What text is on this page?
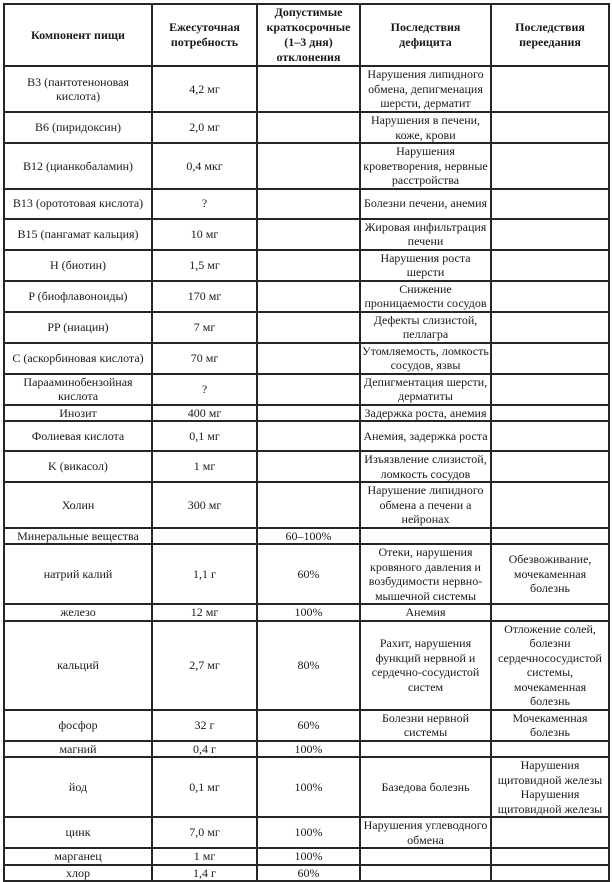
Компонент пищи	Ежесуточная потребность	Допустимые краткосрочные (1–3 дня) отклонения	Последствия дефицита	Последствия переедания
B3 (пантотеноновая кислота)	4,2 мг		Нарушения липидного обмена, депигменация шерсти, дерматит	
B6 (пиридоксин)	2,0 мг		Нарушения в печени, коже, крови	
B12 (цианкобаламин)	0,4 мкг		Нарушения кроветворения, нервные расстройства	
B13 (орототовая кислота)	?		Болезни печени, анемия	
B15 (пангамат кальция)	10 мг		Жировая инфильтрация печени	
H (биотин)	1,5 мг		Нарушения роста шерсти	
P (биофлавоноиды)	170 мг		Снижение проницаемости сосудов	
PP (ниацин)	7 мг		Дефекты слизистой, пеллагра	
C (аскорбиновая кислота)	70 мг		Утомляемость, ломкость сосудов, язвы	
Парааминобензойная кислота	?		Депигментация шерсти, дерматиты	
Инозит	400 мг		Задержка роста, анемия	
Фолиевая кислота	0,1 мг		Анемия, задержка роста	
K (викасол)	1 мг		Изъязвление слизистой, ломкость сосудов	
Холин	300 мг		Нарушение липидного обмена а печени а нейронах	
Минеральные вещества		60–100%		
натрий калий	1,1 г	60%	Отеки, нарушения кровяного давления и возбудимости нервно-мышечной системы	Обезвоживание, мочекаменная болезнь
железо	12 мг	100%	Анемия	
кальций	2,7 мг	80%	Рахит, нарушения функций нервной и сердечно-сосудистой систем	Отложение солей, болезни сердечнососудистой системы, мочекаменная болезнь
фосфор	32 г	60%	Болезни нервной системы	Мочекаменная болезнь
магний	0,4 г	100%		
йод	0,1 мг	100%	Базедова болезнь	Нарушения щитовидной железы Нарушения щитовидной железы
цинк	7,0 мг	100%	Нарушения углеводного обмена	
марганец	1 мг	100%		
хлор	1,4 г	60%		
